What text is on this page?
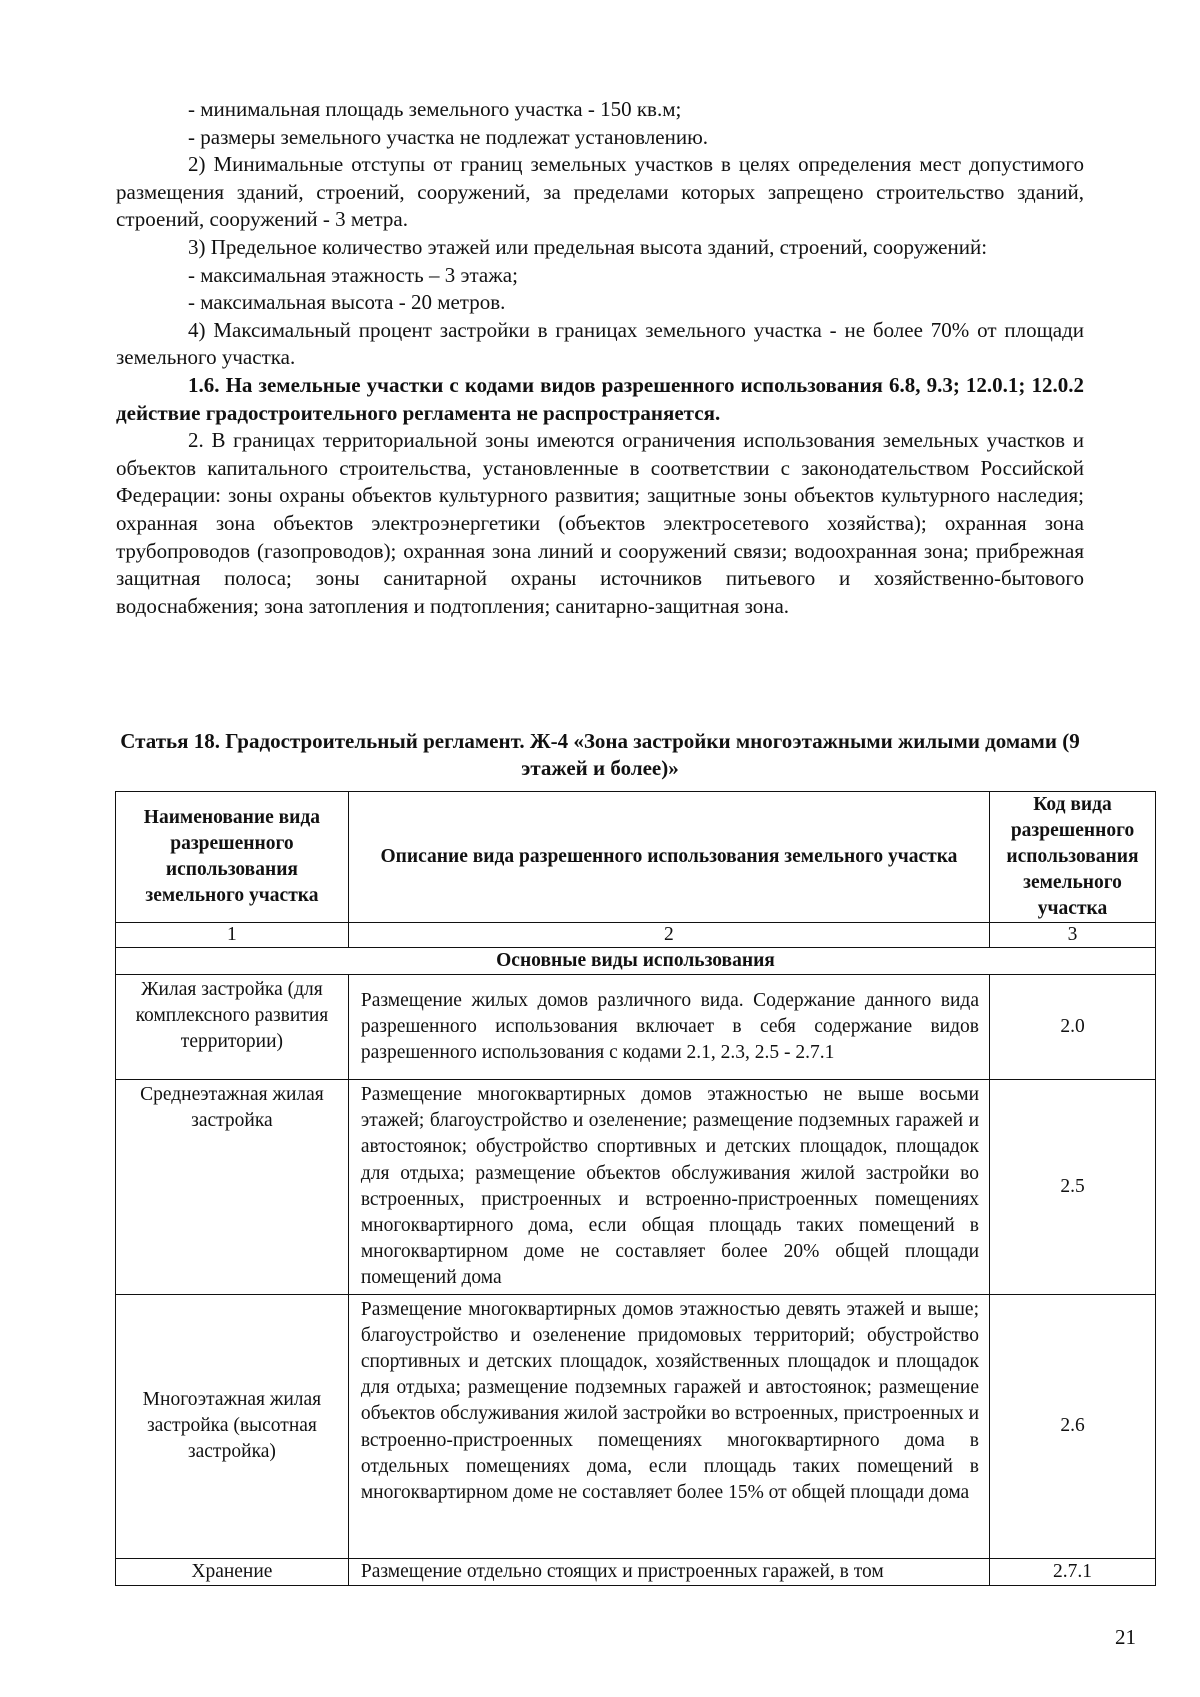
- минимальная площадь земельного участка - 150 кв.м;

- размеры земельного участка не подлежат установлению.

2) Минимальные отступы от границ земельных участков в целях определения мест допустимого размещения зданий, строений, сооружений, за пределами которых запрещено строительство зданий, строений, сооружений - 3 метра.

3) Предельное количество этажей или предельная высота зданий, строений, сооружений:

- максимальная этажность – 3 этажа;

- максимальная высота - 20 метров.

4) Максимальный процент застройки в границах земельного участка - не более 70% от площади земельного участка.

1.6. На земельные участки с кодами видов разрешенного использования 6.8, 9.3; 12.0.1; 12.0.2 действие градостроительного регламента не распространяется.

2. В границах территориальной зоны имеются ограничения использования земельных участков и объектов капитального строительства, установленные в соответствии с законодательством Российской Федерации: зоны охраны объектов культурного развития; защитные зоны объектов культурного наследия; охранная зона объектов электроэнергетики (объектов электросетевого хозяйства); охранная зона трубопроводов (газопроводов); охранная зона линий и сооружений связи; водоохранная зона; прибрежная защитная полоса; зоны санитарной охраны источников питьевого и хозяйственно-бытового водоснабжения; зона затопления и подтопления; санитарно-защитная зона.

Статья 18. Градостроительный регламент. Ж-4 «Зона застройки многоэтажными жилыми домами (9 этажей и более)»
Наименование вида разрешенного использования земельного участка	Описание вида разрешенного использования земельного участка	Код вида разрешенного использования земельного участка
1	2	3
Основные виды использования		
Жилая застройка (для комплексного развития территории)	Размещение жилых домов различного вида. Содержание данного вида разрешенного использования включает в себя содержание видов разрешенного использования с кодами 2.1, 2.3, 2.5 - 2.7.1	2.0
Среднеэтажная жилая застройка	Размещение многоквартирных домов этажностью не выше восьми этажей; благоустройство и озеленение; размещение подземных гаражей и автостоянок; обустройство спортивных и детских площадок, площадок для отдыха; размещение объектов обслуживания жилой застройки во встроенных, пристроенных и встроенно-пристроенных помещениях многоквартирного дома, если общая площадь таких помещений в многоквартирном доме не составляет более 20% общей площади помещений дома	2.5
Многоэтажная жилая застройка (высотная застройка)	Размещение многоквартирных домов этажностью девять этажей и выше; благоустройство и озеленение придомовых территорий; обустройство спортивных и детских площадок, хозяйственных площадок и площадок для отдыха; размещение подземных гаражей и автостоянок; размещение объектов обслуживания жилой застройки во встроенных, пристроенных и встроенно-пристроенных помещениях многоквартирного дома в отдельных помещениях дома, если площадь таких помещений в многоквартирном доме не составляет более 15% от общей площади дома	2.6
Хранение	Размещение отдельно стоящих и пристроенных гаражей, в том	2.7.1
21
